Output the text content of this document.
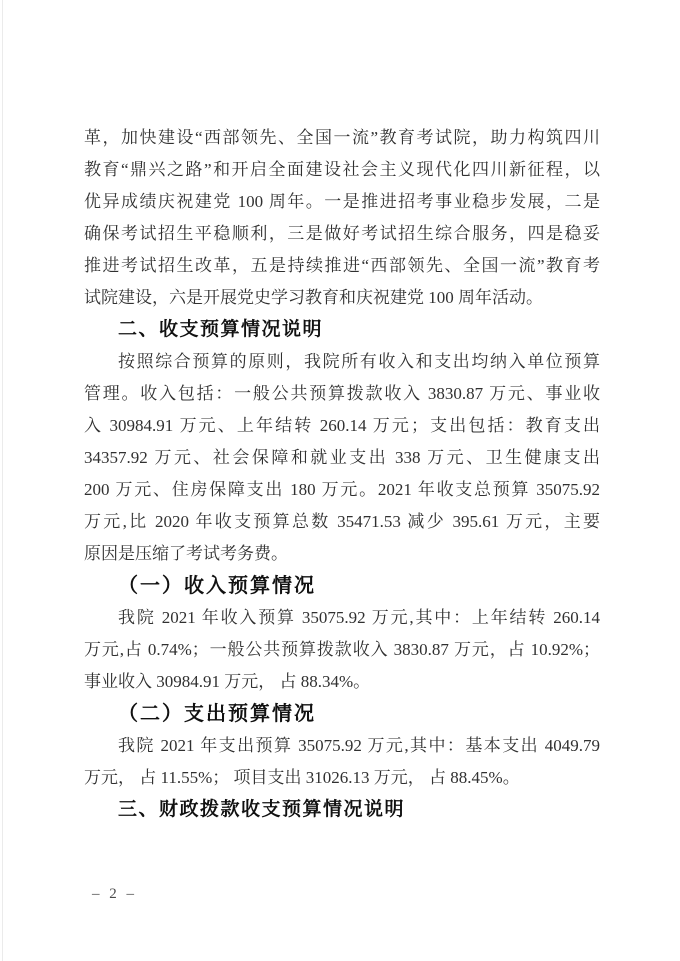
革，加快建设“西部领先、全国一流”教育考试院，助力构筑四川
教育“鼎兴之路”和开启全面建设社会主义现代化四川新征程，以
优异成绩庆祝建党 100 周年。一是推进招考事业稳步发展，二是
确保考试招生平稳顺利，三是做好考试招生综合服务，四是稳妥
推进考试招生改革，五是持续推进“西部领先、全国一流”教育考
试院建设，六是开展党史学习教育和庆祝建党 100 周年活动。
二、收支预算情况说明
按照综合预算的原则，我院所有收入和支出均纳入单位预算
管理。收入包括：一般公共预算拨款收入 3830.87 万元、事业收
入 30984.91 万元、上年结转 260.14 万元；支出包括：教育支出
34357.92 万元、社会保障和就业支出 338 万元、卫生健康支出
200 万元、住房保障支出 180 万元。2021 年收支总预算 35075.92
万元,比 2020 年收支预算总数 35471.53 减少 395.61 万元，主要
原因是压缩了考试考务费。
（一）收入预算情况
我院 2021 年收入预算 35075.92 万元,其中：上年结转 260.14
万元,占 0.74%；一般公共预算拨款收入 3830.87 万元，占 10.92%；
事业收入 30984.91 万元， 占 88.34%。
（二）支出预算情况
我院 2021 年支出预算 35075.92 万元,其中：基本支出 4049.79
万元， 占 11.55%； 项目支出 31026.13 万元， 占 88.45%。
三、财政拨款收支预算情况说明
– 2 –
